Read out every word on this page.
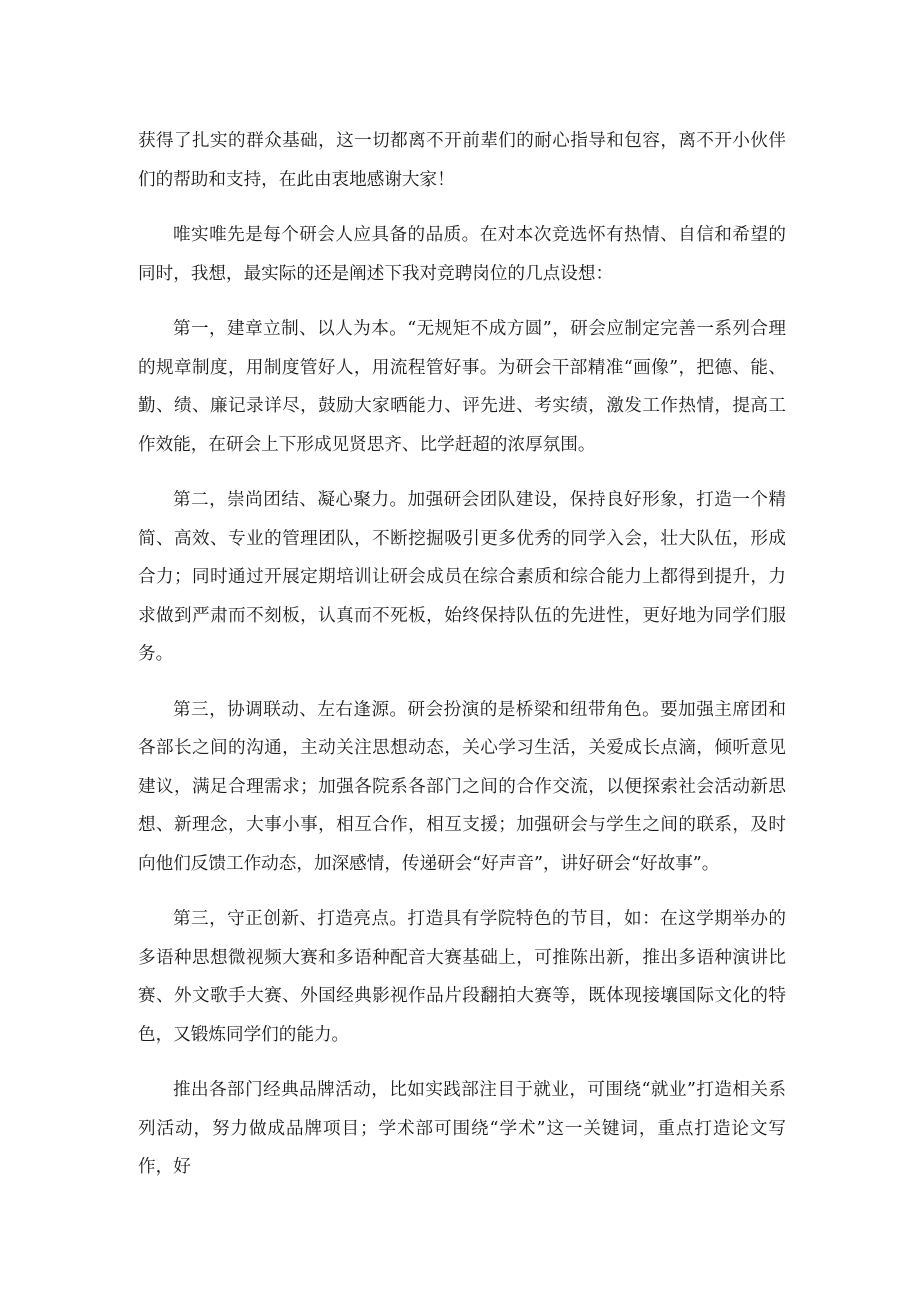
获得了扎实的群众基础，这一切都离不开前辈们的耐心指导和包容，离不开小伙伴们的帮助和支持，在此由衷地感谢大家！

唯实唯先是每个研会人应具备的品质。在对本次竞选怀有热情、自信和希望的同时，我想，最实际的还是阐述下我对竞聘岗位的几点设想：

第一，建章立制、以人为本。“无规矩不成方圆”，研会应制定完善一系列合理的规章制度，用制度管好人，用流程管好事。为研会干部精准“画像”，把德、能、勤、绩、廉记录详尽，鼓励大家晒能力、评先进、考实绩，激发工作热情，提高工作效能，在研会上下形成见贤思齐、比学赶超的浓厚氛围。

第二，崇尚团结、凝心聚力。加强研会团队建设，保持良好形象，打造一个精简、高效、专业的管理团队，不断挖掘吸引更多优秀的同学入会，壮大队伍，形成合力；同时通过开展定期培训让研会成员在综合素质和综合能力上都得到提升，力求做到严肃而不刻板，认真而不死板，始终保持队伍的先进性，更好地为同学们服务。

第三，协调联动、左右逢源。研会扮演的是桥梁和纽带角色。要加强主席团和各部长之间的沟通，主动关注思想动态，关心学习生活，关爱成长点滴，倾听意见建议，满足合理需求；加强各院系各部门之间的合作交流，以便探索社会活动新思想、新理念，大事小事，相互合作，相互支援；加强研会与学生之间的联系，及时向他们反馈工作动态，加深感情，传递研会“好声音”，讲好研会“好故事”。

第三，守正创新、打造亮点。打造具有学院特色的节目，如：在这学期举办的多语种思想微视频大赛和多语种配音大赛基础上，可推陈出新，推出多语种演讲比赛、外文歌手大赛、外国经典影视作品片段翻拍大赛等，既体现接壤国际文化的特色，又锻炼同学们的能力。

推出各部门经典品牌活动，比如实践部注目于就业，可围绕“就业”打造相关系列活动，努力做成品牌项目；学术部可围绕“学术”这一关键词，重点打造论文写作，好
